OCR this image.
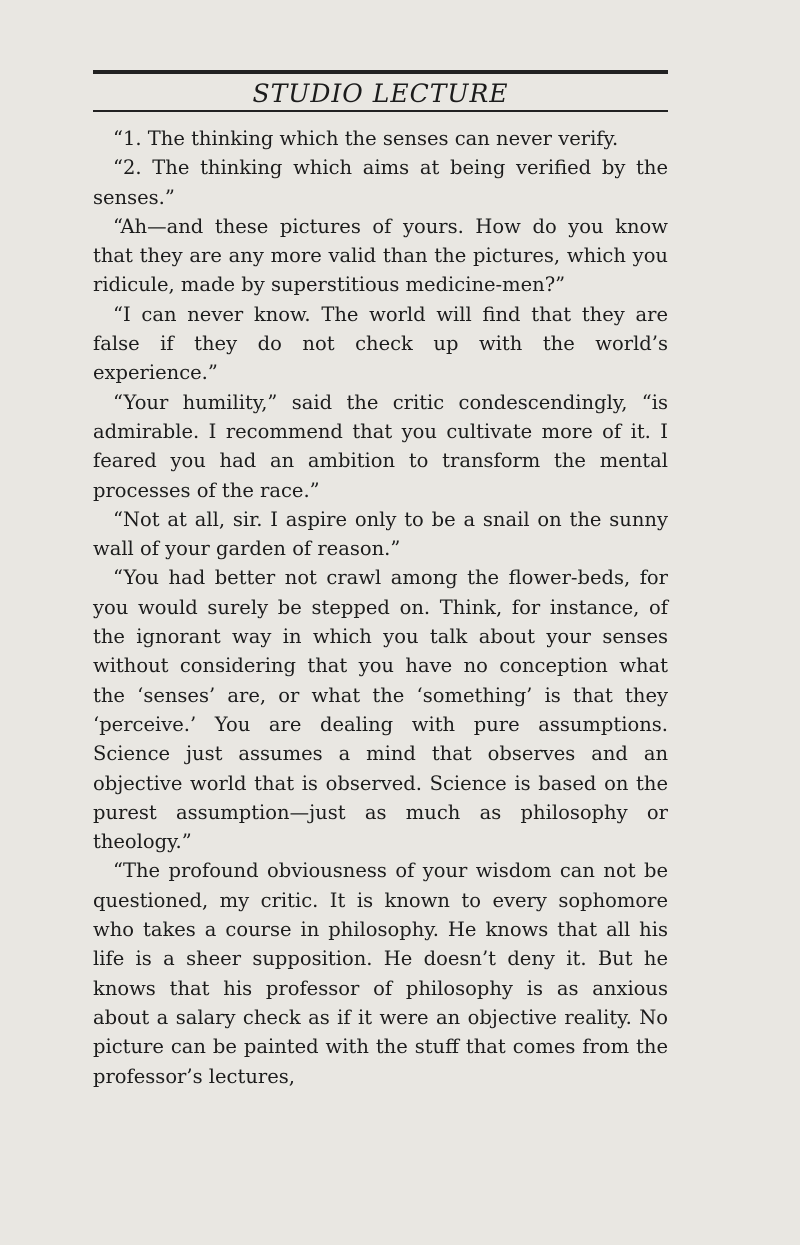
STUDIO LECTURE

“1. The thinking which the senses can never verify.

“2. The thinking which aims at being verified by the senses.”

“Ah—and these pictures of yours. How do you know that they are any more valid than the pictures, which you ridicule, made by superstitious medicine-men?”

“I can never know. The world will find that they are false if they do not check up with the world’s experience.”

“Your humility,” said the critic condescendingly, “is admirable. I recommend that you cultivate more of it. I feared you had an ambition to transform the mental processes of the race.”

“Not at all, sir. I aspire only to be a snail on the sunny wall of your garden of reason.”

“You had better not crawl among the flower-beds, for you would surely be stepped on. Think, for instance, of the ignorant way in which you talk about your senses without considering that you have no conception what the ‘senses’ are, or what the ‘something’ is that they ‘perceive.’ You are dealing with pure assumptions. Science just assumes a mind that observes and an objective world that is observed. Science is based on the purest assumption—just as much as philosophy or theology.”

“The profound obviousness of your wisdom can not be questioned, my critic. It is known to every sophomore who takes a course in philosophy. He knows that all his life is a sheer supposition. He doesn’t deny it. But he knows that his professor of philosophy is as anxious about a salary check as if it were an objective reality. No picture can be painted with the stuff that comes from the professor’s lectures,
